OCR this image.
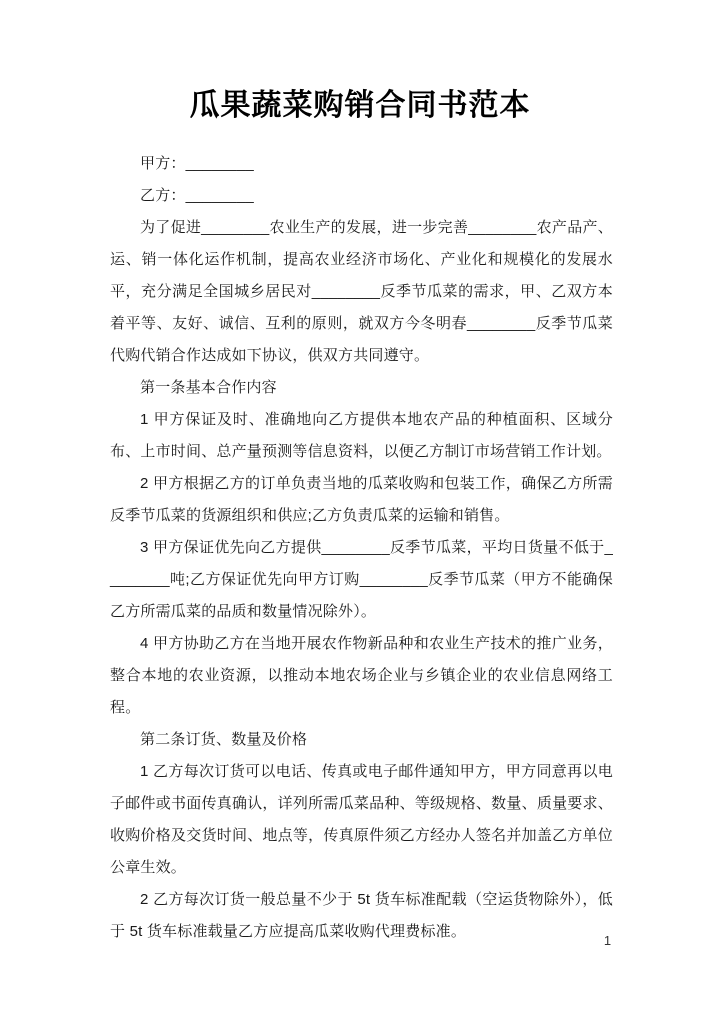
瓜果蔬菜购销合同书范本

甲方：________

乙方：________

为了促进________农业生产的发展，进一步完善________农产品产、运、销一体化运作机制，提高农业经济市场化、产业化和规模化的发展水平，充分满足全国城乡居民对________反季节瓜菜的需求，甲、乙双方本着平等、友好、诚信、互利的原则，就双方今冬明春________反季节瓜菜代购代销合作达成如下协议，供双方共同遵守。

第一条基本合作内容

1 甲方保证及时、准确地向乙方提供本地农产品的种植面积、区域分布、上市时间、总产量预测等信息资料，以便乙方制订市场营销工作计划。

2 甲方根据乙方的订单负责当地的瓜菜收购和包装工作，确保乙方所需反季节瓜菜的货源组织和供应;乙方负责瓜菜的运输和销售。

3 甲方保证优先向乙方提供________反季节瓜菜，平均日货量不低于________吨;乙方保证优先向甲方订购________反季节瓜菜（甲方不能确保乙方所需瓜菜的品质和数量情况除外）。

4 甲方协助乙方在当地开展农作物新品种和农业生产技术的推广业务，整合本地的农业资源，以推动本地农场企业与乡镇企业的农业信息网络工程。

第二条订货、数量及价格

1 乙方每次订货可以电话、传真或电子邮件通知甲方，甲方同意再以电子邮件或书面传真确认，详列所需瓜菜品种、等级规格、数量、质量要求、收购价格及交货时间、地点等，传真原件须乙方经办人签名并加盖乙方单位公章生效。

2 乙方每次订货一般总量不少于 5t 货车标准配载（空运货物除外），低于 5t 货车标准载量乙方应提高瓜菜收购代理费标准。

1
